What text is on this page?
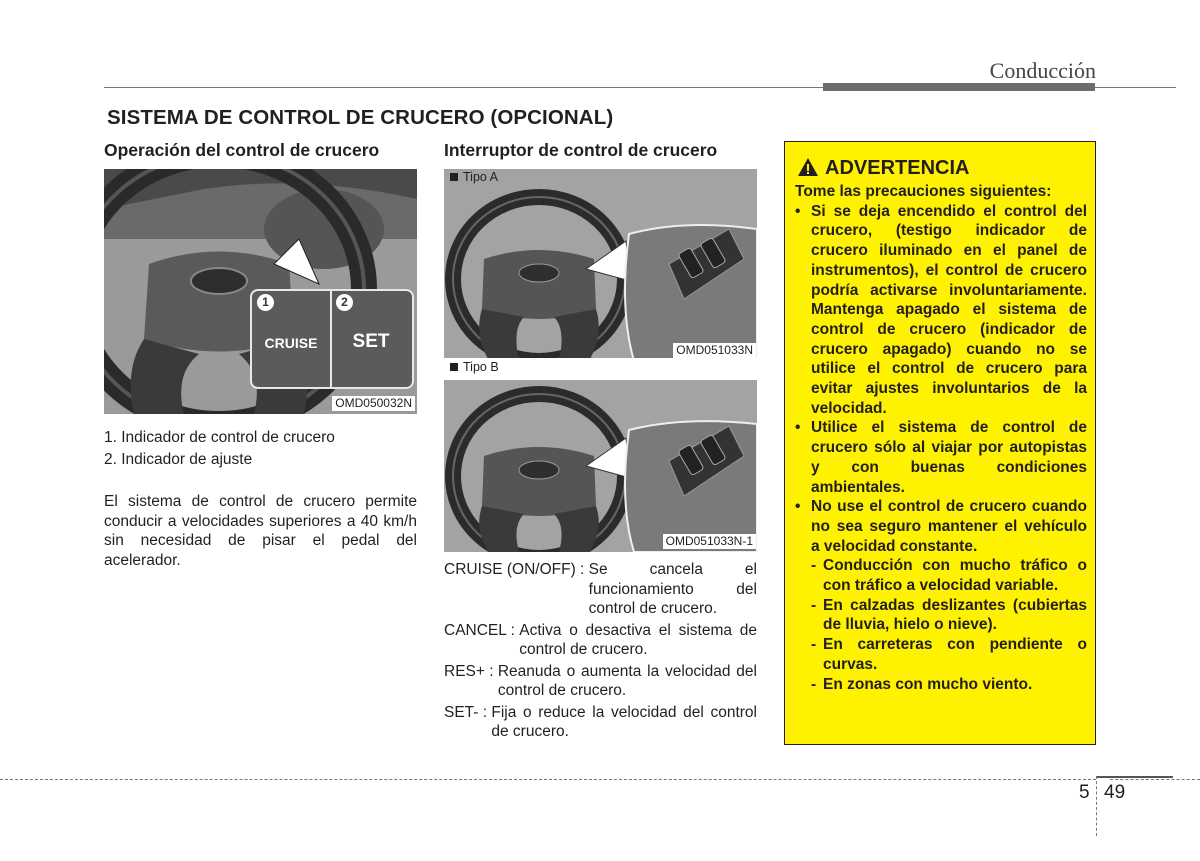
Conducción
SISTEMA DE CONTROL DE CRUCERO (OPCIONAL)
Operación del control de crucero
1	2
CRUISE	SET
OMD050032N
1. Indicador de control de crucero
2. Indicador de ajuste
El sistema de control de crucero permite conducir a velocidades superiores a 40 km/h sin necesidad de pisar el pedal del acelerador.
Interruptor de control de crucero
Tipo A
OMD051033N
Tipo B
OMD051033N-1
CRUISE (ON/OFF) : Se cancela el funcionamiento del control de crucero.
CANCEL : Activa o desactiva el sistema de control de crucero.
RES+ : Reanuda o aumenta la velocidad del control de crucero.
SET- : Fija o reduce la velocidad del control de crucero.
ADVERTENCIA

Tome las precauciones siguientes:

• Si se deja encendido el control del crucero, (testigo indicador de crucero iluminado en el panel de instrumentos), el control de crucero podría activarse involuntariamente. Mantenga apagado el sistema de control de crucero (indicador de crucero apagado) cuando no se utilice el control de crucero para evitar ajustes involuntarios de la velocidad.
• Utilice el sistema de control de crucero sólo al viajar por autopistas y con buenas condiciones ambientales.
• No use el control de crucero cuando no sea seguro mantener el vehículo a velocidad constante.
- Conducción con mucho tráfico o con tráfico a velocidad variable.
- En calzadas deslizantes (cubiertas de lluvia, hielo o nieve).
- En carreteras con pendiente o curvas.
- En zonas con mucho viento.
5 49
